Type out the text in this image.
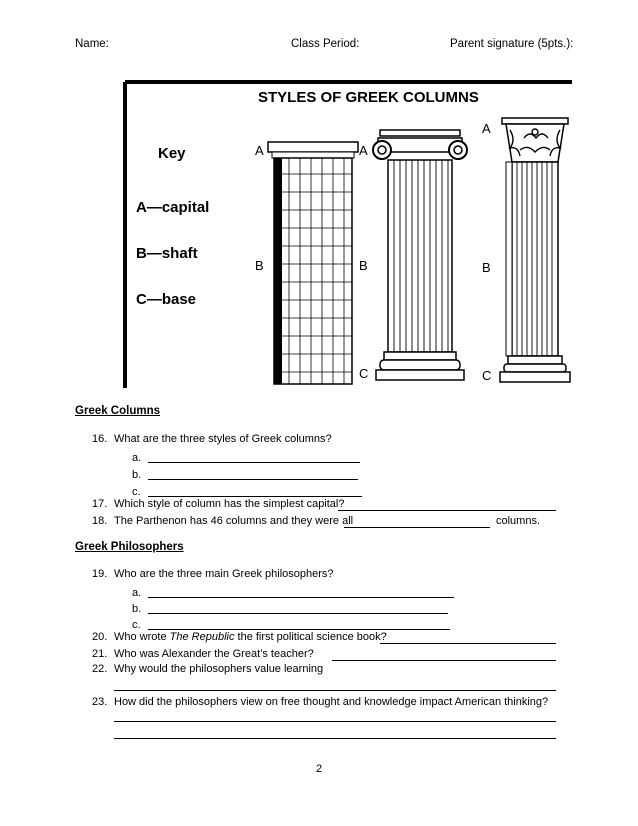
Name:	Class Period:	Parent signature (5pts.):
STYLES OF GREEK COLUMNS
Key
A—capital
B—shaft
C—base
A
B
A
B
C
A
B
C
Greek Columns
16. What are the three styles of Greek columns?
a.
b.
c.
17. Which style of column has the simplest capital?
18. The Parthenon has 46 columns and they were all	columns.
Greek Philosophers
19. Who are the three main Greek philosophers?
a.
b.
c.
20. Who wrote The Republic the first political science book?
21. Who was Alexander the Great’s teacher?
22. Why would the philosophers value learning
23. How did the philosophers view on free thought and knowledge impact American thinking?
2
